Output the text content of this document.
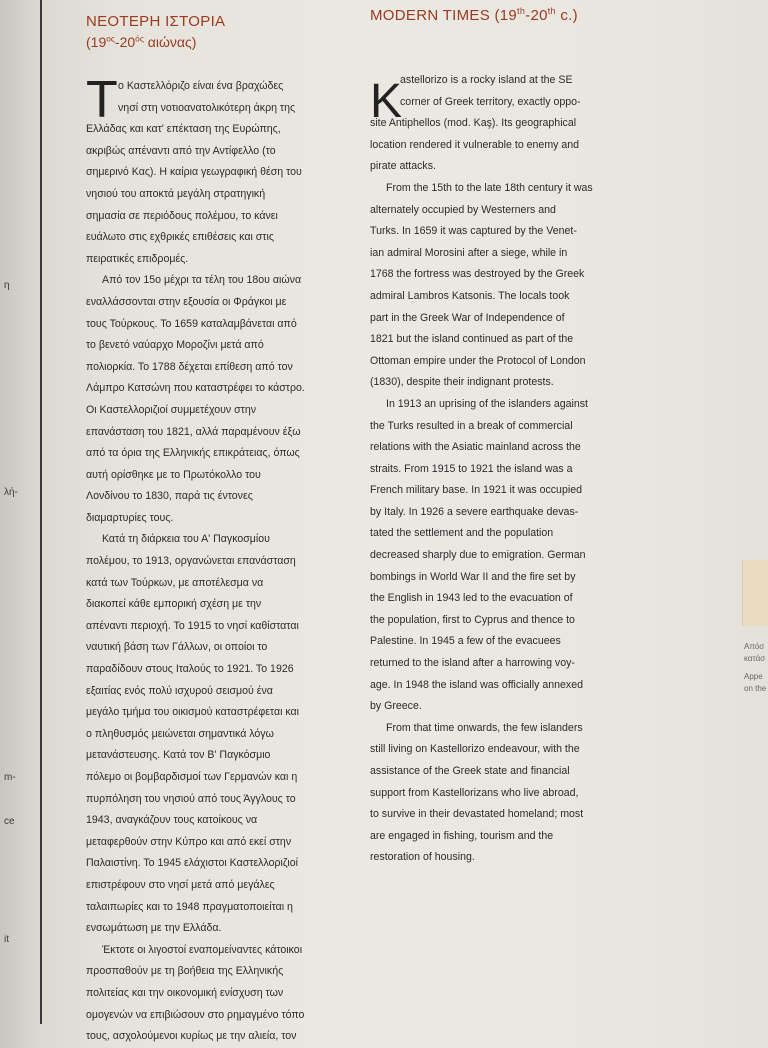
η
λή-
m-
ce
it
ΝΕΟΤΕΡΗ ΙΣΤΟΡΙΑ
($19^{o\varsigma}-20^{ό\varsigma}$ αιώνας)
Τ ο Καστελλόριζο είναι ένα βραχώδες
νησί στη νοτιοανατολικότερη άκρη της
Ελλάδας και κατ' επέκταση της Ευρώπης,
ακριβώς απέναντι από την Αντίφελλο (το
σημερινό Κας). Η καίρια γεωγραφική θέση του
νησιού του αποκτά μεγάλη στρατηγική
σημασία σε περιόδους πολέμου, το κάνει
ευάλωτο στις εχθρικές επιθέσεις και στις
πειρατικές επιδρομές.
Από τον 15ο μέχρι τα τέλη του 18ου αιώνα
εναλλάσσονται στην εξουσία οι Φράγκοι με
τους Τούρκους. Το 1659 καταλαμβάνεται από
το βενετό ναύαρχο Μοροζίνι μετά από
πολιορκία. Το 1788 δέχεται επίθεση από τον
Λάμπρο Κατσώνη που καταστρέφει το κάστρο.
Οι Καστελλοριζιοί συμμετέχουν στην
επανάσταση του 1821, αλλά παραμένουν έξω
από τα όρια της Ελληνικής επικράτειας, όπως
αυτή ορίσθηκε με το Πρωτόκολλο του
Λονδίνου το 1830, παρά τις έντονες
διαμαρτυρίες τους.
Κατά τη διάρκεια του Α' Παγκοσμίου
πολέμου, το 1913, οργανώνεται επανάσταση
κατά των Τούρκων, με αποτέλεσμα να
διακοπεί κάθε εμπορική σχέση με την
απέναντι περιοχή. Το 1915 το νησί καθίσταται
ναυτική βάση των Γάλλων, οι οποίοι το
παραδίδουν στους Ιταλούς το 1921. Το 1926
εξαιτίας ενός πολύ ισχυρού σεισμού ένα
μεγάλο τμήμα του οικισμού καταστρέφεται και
ο πληθυσμός μειώνεται σημαντικά λόγω
μετανάστευσης. Κατά τον Β' Παγκόσμιο
πόλεμο οι βομβαρδισμοί των Γερμανών και η
πυρπόληση του νησιού από τους Άγγλους το
1943, αναγκάζουν τους κατοίκους να
μεταφερθούν στην Κύπρο και από εκεί στην
Παλαιστίνη. Το 1945 ελάχιστοι Καστελλοριζιοί
επιστρέφουν στο νησί μετά από μεγάλες
ταλαιπωρίες και το 1948 πραγματοποιείται η
ενσωμάτωση με την Ελλάδα.
Έκτοτε οι λιγοστοί εναπομείναντες κάτοικοι
προσπαθούν με τη βοήθεια της Ελληνικής
πολιτείας και την οικονομική ενίσχυση των
ομογενών να επιβιώσουν στο ρημαγμένο τόπο
τους, ασχολούμενοι κυρίως με την αλιεία, τον
MODERN TIMES (19th-20th c.)
K
astellorizo is a rocky island at the SE
corner of Greek territory, exactly oppo-
site Antiphellos (mod. Kaş). Its geographical
location rendered it vulnerable to enemy and
pirate attacks.
From the 15th to the late 18th century it was
alternately occupied by Westerners and
Turks. In 1659 it was captured by the Venet-
ian admiral Morosini after a siege, while in
1768 the fortress was destroyed by the Greek
admiral Lambros Katsonis. The locals took
part in the Greek War of Independence of
1821 but the island continued as part of the
Ottoman empire under the Protocol of London
(1830), despite their indignant protests.
In 1913 an uprising of the islanders against
the Turks resulted in a break of commercial
relations with the Asiatic mainland across the
straits. From 1915 to 1921 the island was a
French military base. In 1921 it was occupied
by Italy. In 1926 a severe earthquake devas-
tated the settlement and the population
decreased sharply due to emigration. German
bombings in World War II and the fire set by
the English in 1943 led to the evacuation of
the population, first to Cyprus and thence to
Palestine. In 1945 a few of the evacuees
returned to the island after a harrowing voy-
age. In 1948 the island was officially annexed
by Greece.
From that time onwards, the few islanders
still living on Kastellorizo endeavour, with the
assistance of the Greek state and financial
support from Kastellorizans who live abroad,
to survive in their devastated homeland; most
are engaged in fishing, tourism and the
restoration of housing.
Απόσ
κατάσ
Appe
on the
